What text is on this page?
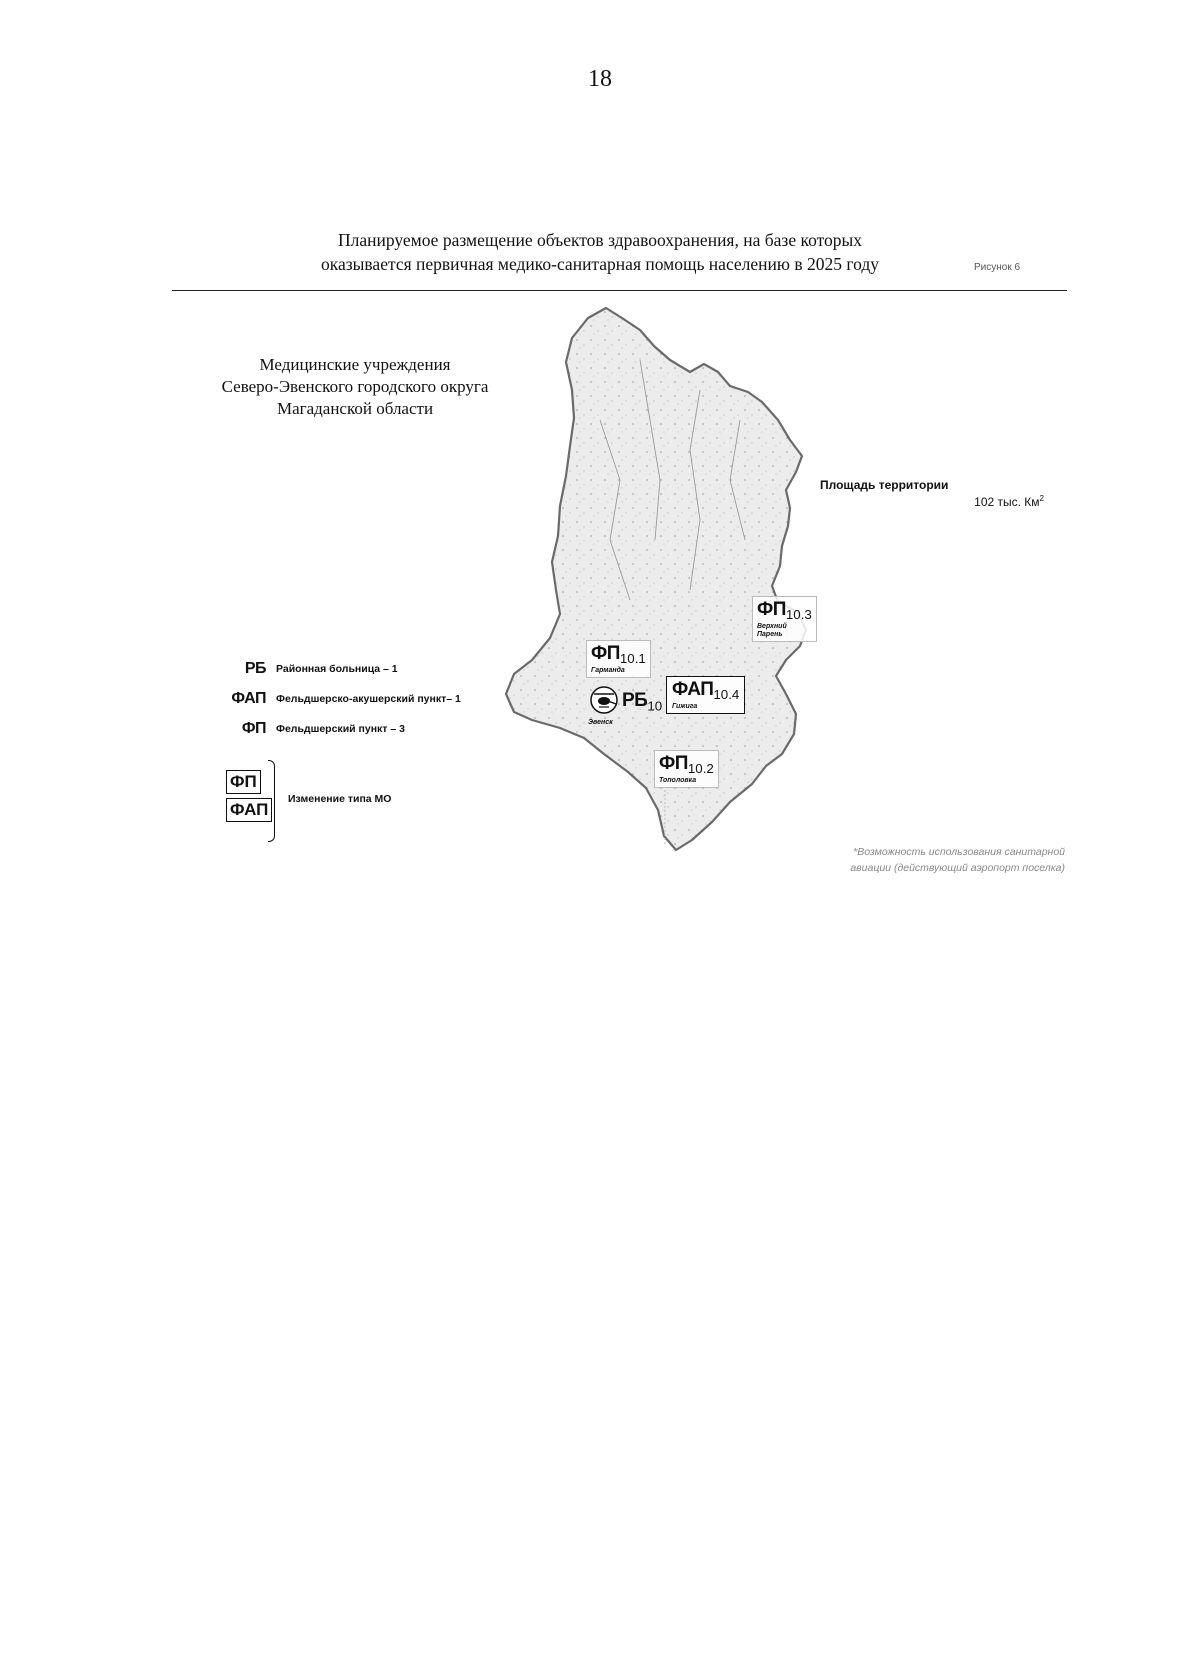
18
Планируемое размещение объектов здравоохранения, на базе которых
оказывается первичная медико-санитарная помощь населению в 2025 году	Рисунок 6
Медицинские учреждения
Северо-Эвенского городского округа
Магаданской области
Площадь территории
102 тыс. $Км^2$
$ФП_{10.1}$
Гарманда
$ФП_{10.3}$
Верхний
Парень
$ФАП_{10.4}$
Гижига
$РБ_{10}$
Эвенск
$ФП_{10.2}$
Тополовка
РБ Районная больница – 1
ФАП Фельдшерско-акушерский пункт– 1
ФП Фельдшерский пункт – 3
ФП
ФАП
Изменение типа МО
*Возможность использования санитарной
авиации (действующий аэропорт поселка)
